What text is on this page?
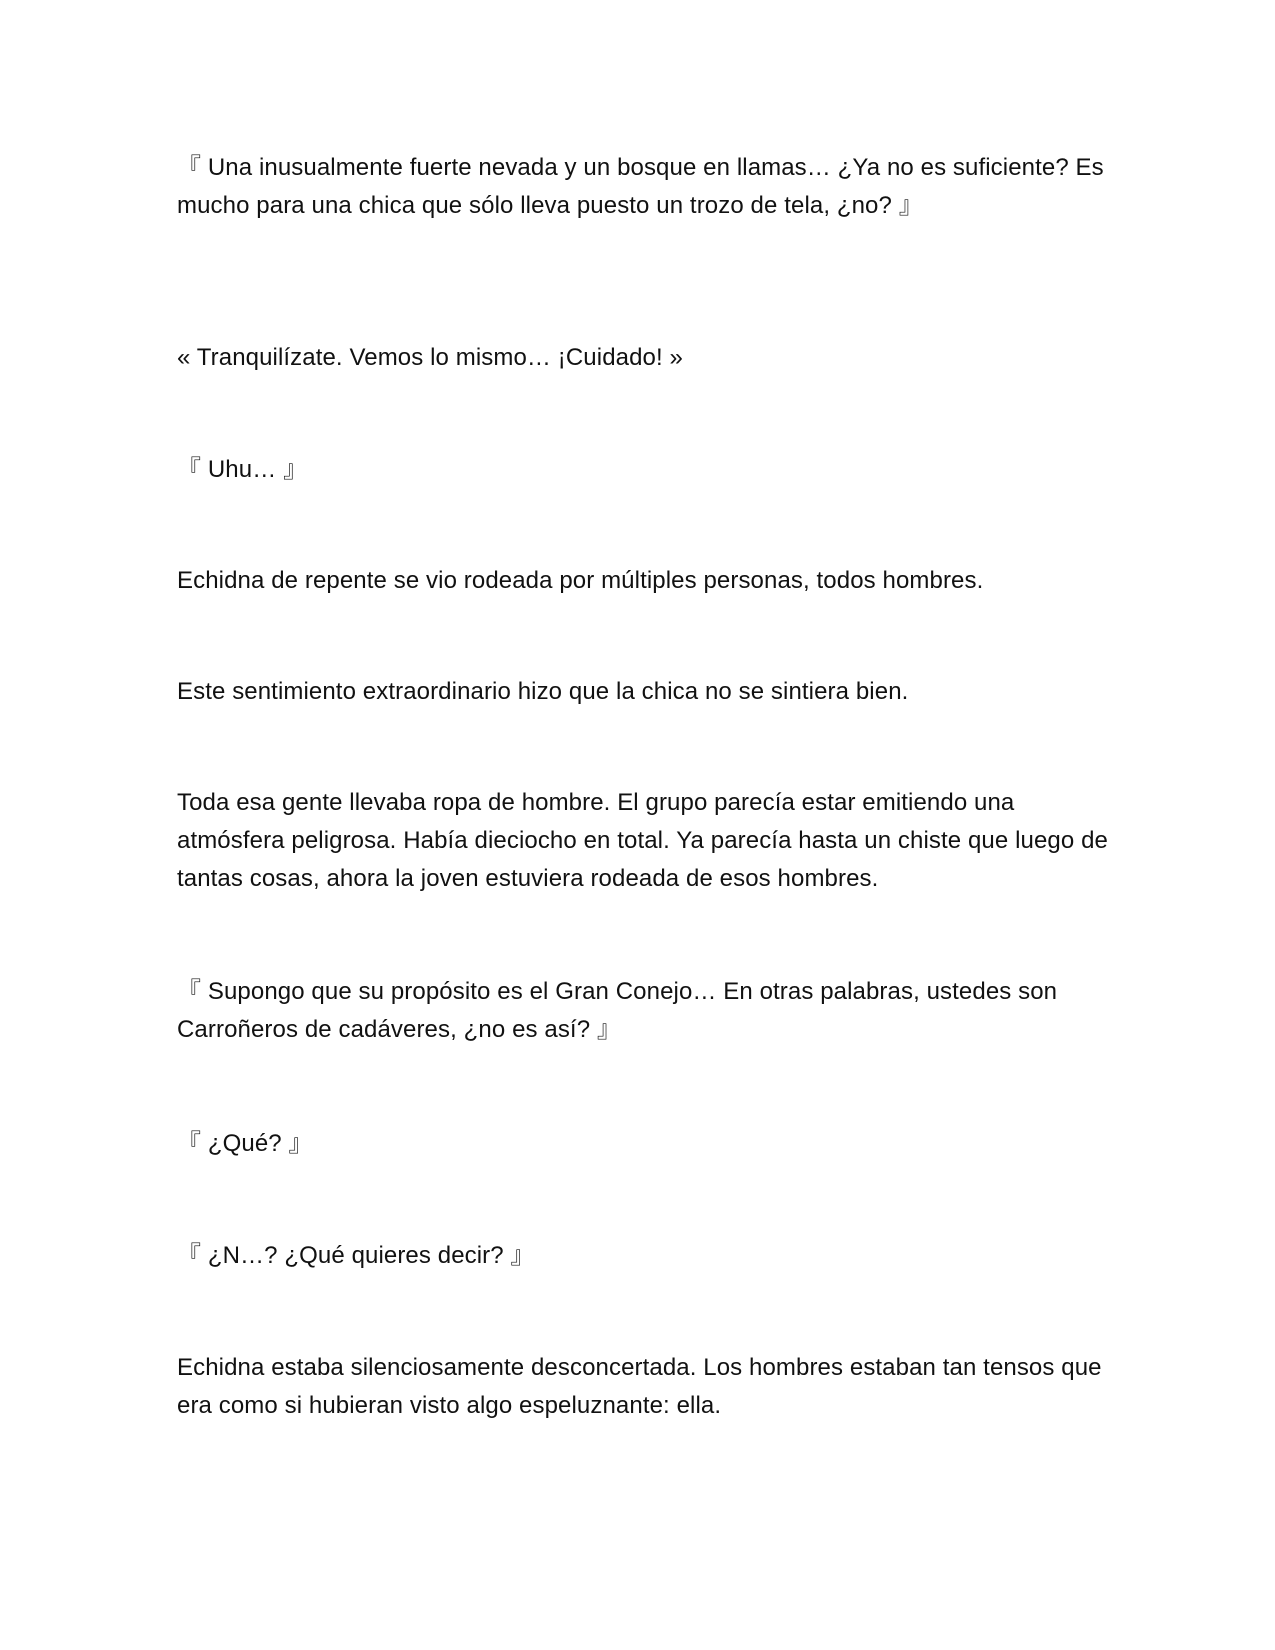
『 Una inusualmente fuerte nevada y un bosque en llamas… ¿Ya no es suficiente? Es mucho para una chica que sólo lleva puesto un trozo de tela, ¿no? 』

« Tranquilízate. Vemos lo mismo… ¡Cuidado! »

『 Uhu… 』

Echidna de repente se vio rodeada por múltiples personas, todos hombres.

Este sentimiento extraordinario hizo que la chica no se sintiera bien.

Toda esa gente llevaba ropa de hombre. El grupo parecía estar emitiendo una atmósfera peligrosa. Había dieciocho en total. Ya parecía hasta un chiste que luego de tantas cosas, ahora la joven estuviera rodeada de esos hombres.

『 Supongo que su propósito es el Gran Conejo… En otras palabras, ustedes son Carroñeros de cadáveres, ¿no es así? 』

『 ¿Qué? 』

『 ¿N…? ¿Qué quieres decir? 』

Echidna estaba silenciosamente desconcertada. Los hombres estaban tan tensos que era como si hubieran visto algo espeluznante: ella.
